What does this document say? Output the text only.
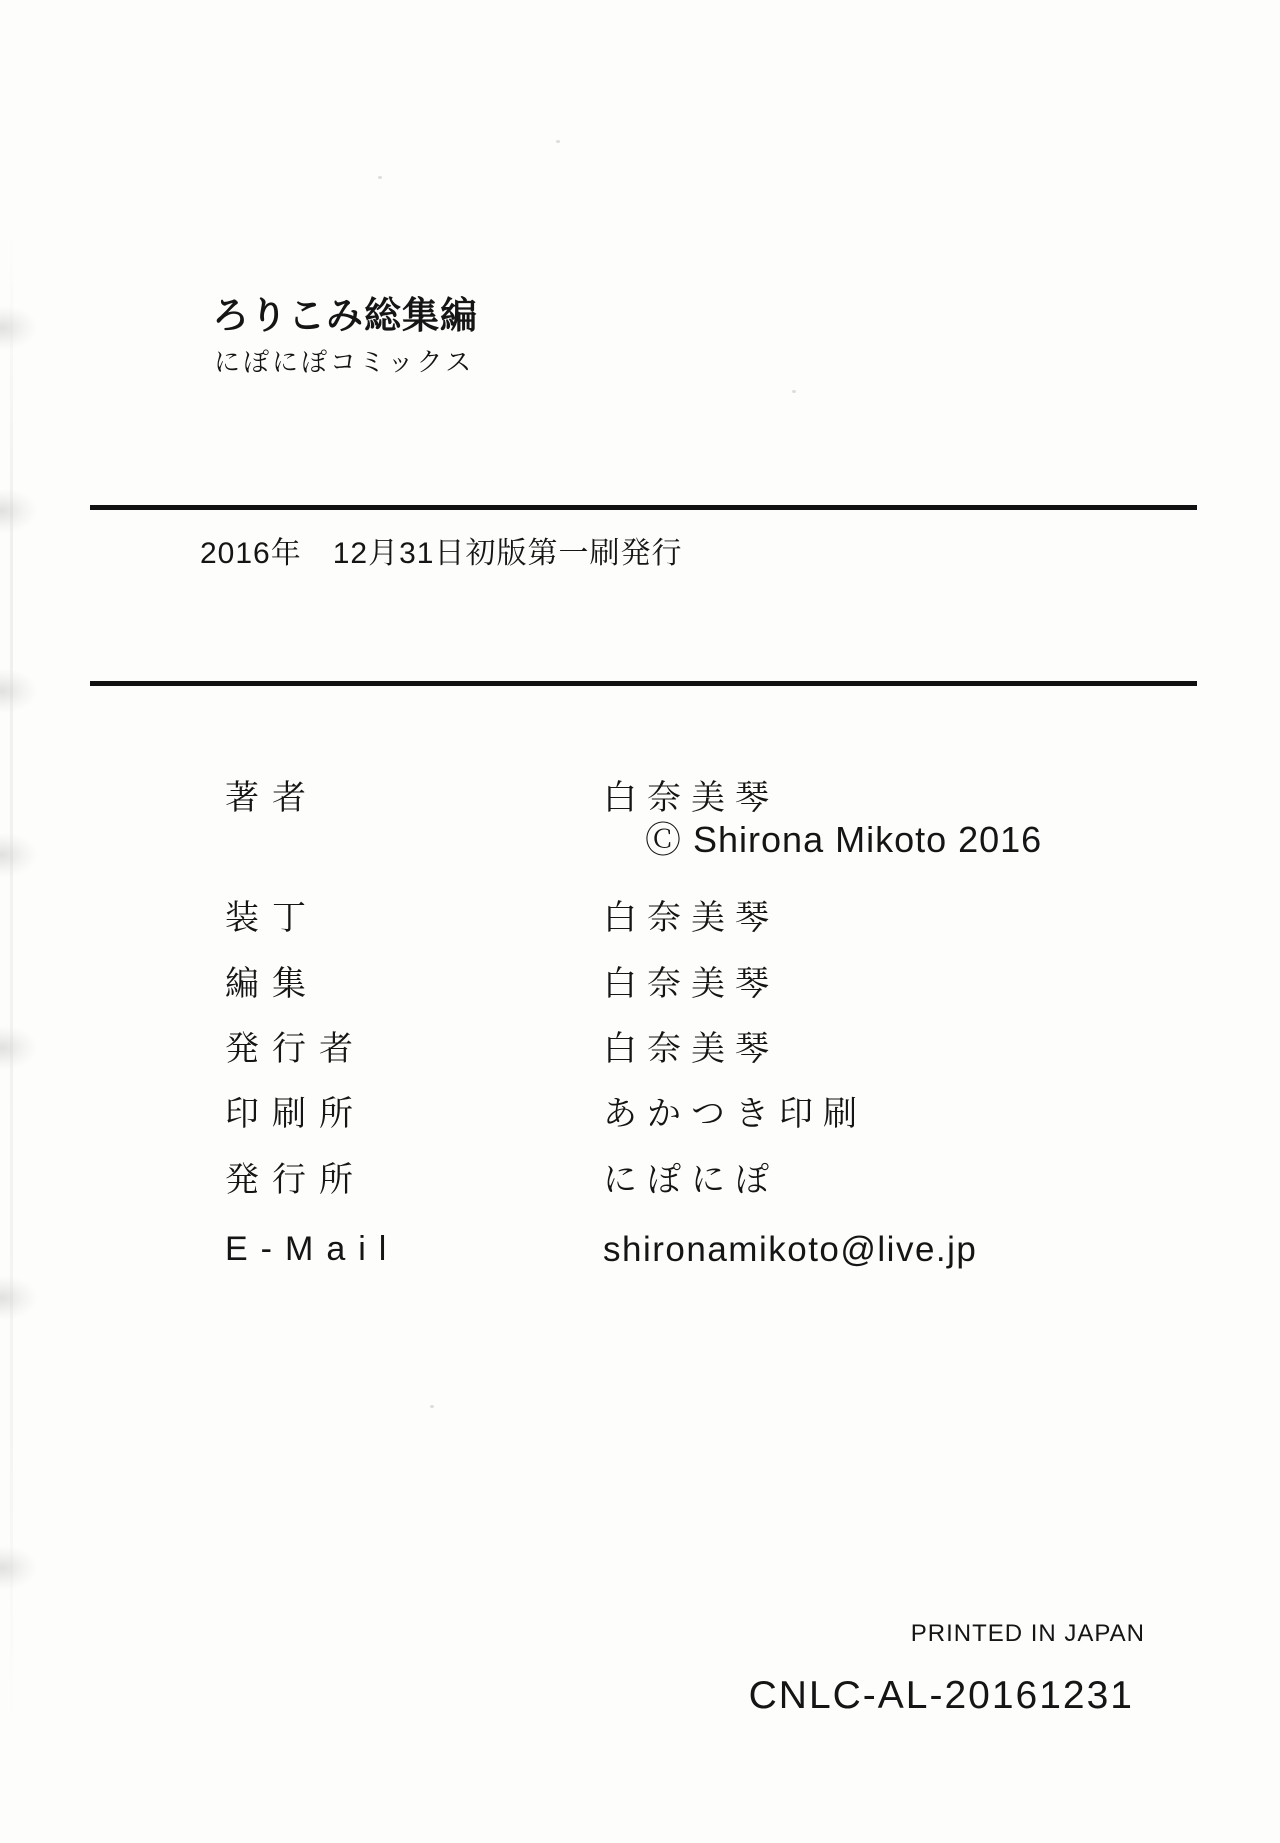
ろりこみ総集編
にぽにぽコミックス
2016年　12月31日初版第一刷発行
著者	白奈美琴
Ⓒ Shirona Mikoto 2016
装丁	白奈美琴
編集	白奈美琴
発行者	白奈美琴
印刷所	あかつき印刷
発行所	にぽにぽ
E-Mail	shironamikoto@live.jp
PRINTED IN JAPAN
CNLC-AL-20161231
